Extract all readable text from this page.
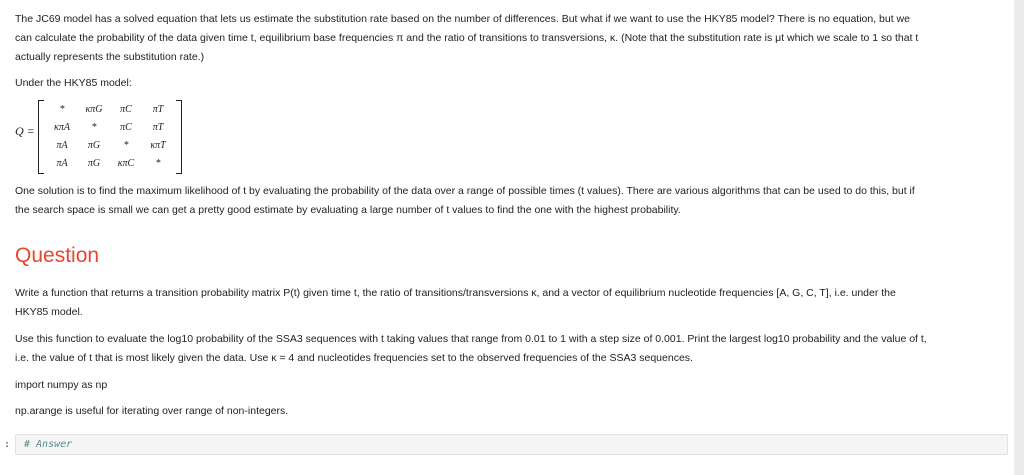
The JC69 model has a solved equation that lets us estimate the substitution rate based on the number of differences. But what if we want to use the HKY85 model? There is no equation, but we

can calculate the probability of the data given time t, equilibrium base frequencies π and the ratio of transitions to transversions, κ. (Note that the substitution rate is μt which we scale to 1 so that t

actually represents the substitution rate.)

Under the HKY85 model:

Q =
*	κπG	πC	πT
κπA	*	πC	πT
πA	πG	*	κπT
πA	πG	κπC	*

One solution is to find the maximum likelihood of t by evaluating the probability of the data over a range of possible times (t values). There are various algorithms that can be used to do this, but if

the search space is small we can get a pretty good estimate by evaluating a large number of t values to find the one with the highest probability.

Question

Write a function that returns a transition probability matrix P(t) given time t, the ratio of transitions/transversions κ, and a vector of equilibrium nucleotide frequencies [A, G, C, T], i.e. under the

HKY85 model.

Use this function to evaluate the log10 probability of the SSA3 sequences with t taking values that range from 0.01 to 1 with a step size of 0.001. Print the largest log10 probability and the value of t,

i.e. the value of t that is most likely given the data. Use κ = 4 and nucleotides frequencies set to the observed frequencies of the SSA3 sequences.

import numpy as np

np.arange is useful for iterating over range of non-integers.

: # Answer
